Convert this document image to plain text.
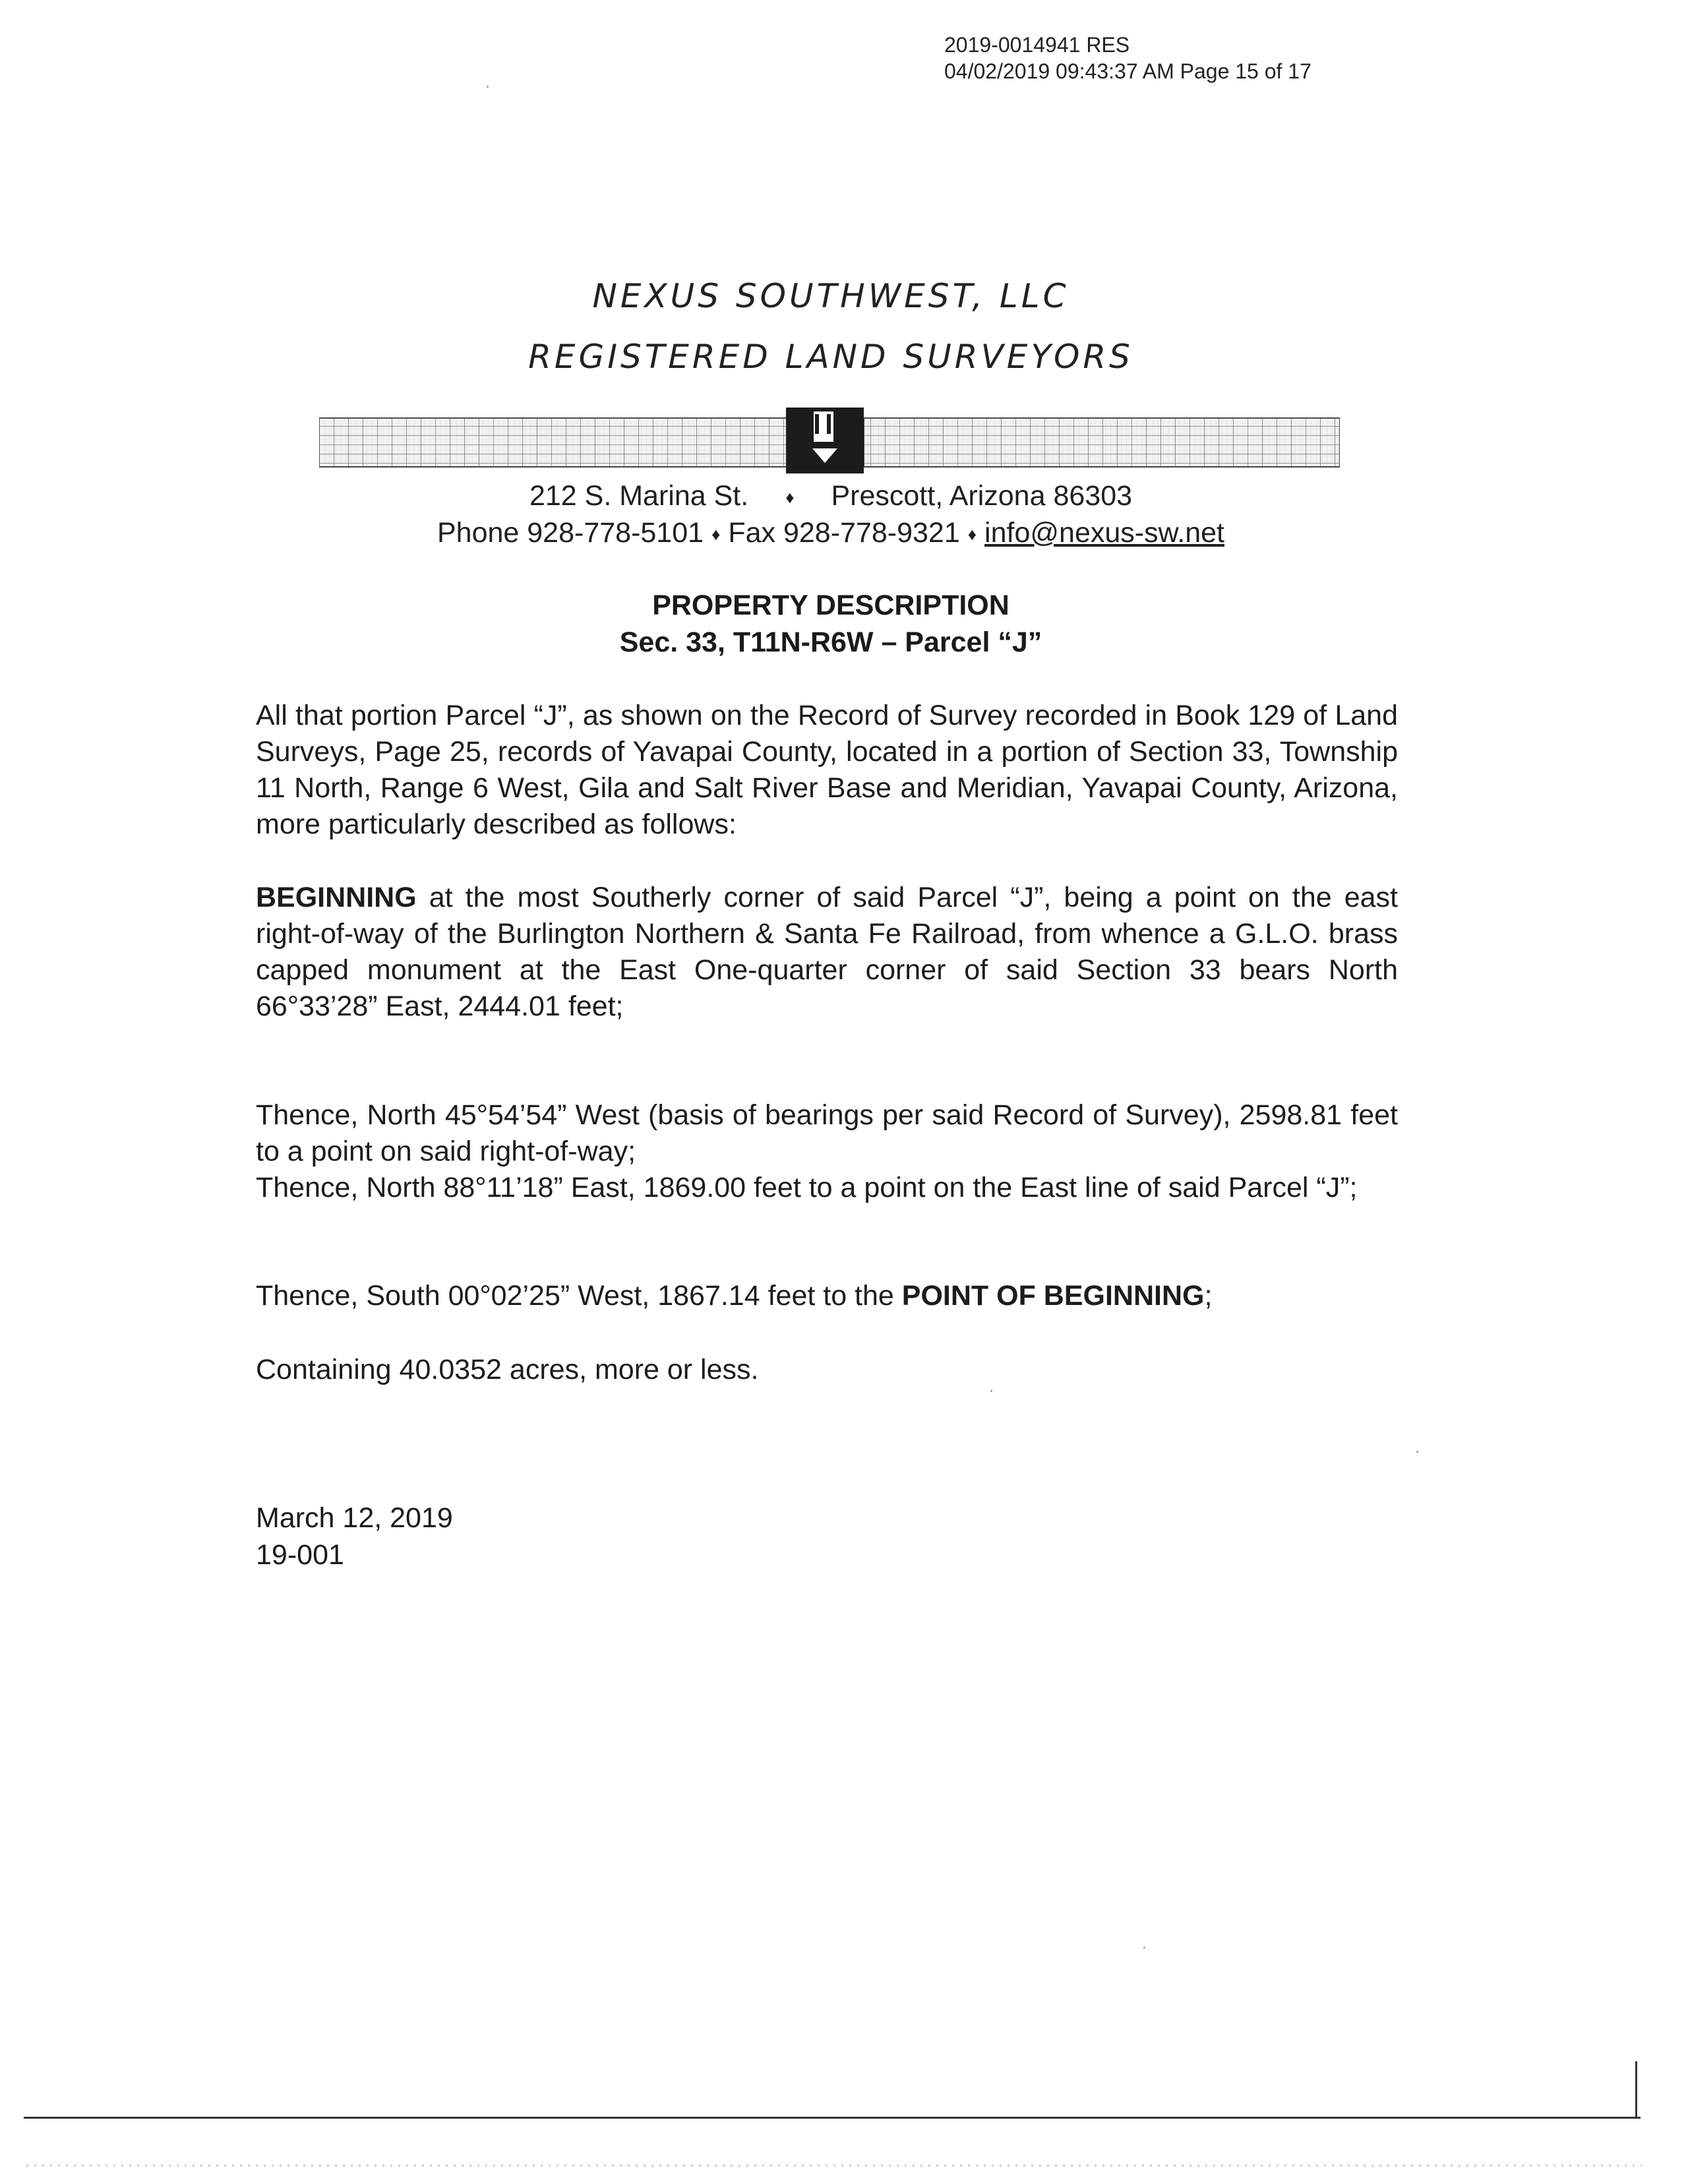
2019-0014941 RES
04/02/2019 09:43:37 AM Page 15 of 17
NEXUS SOUTHWEST, LLC
REGISTERED LAND SURVEYORS
212 S. Marina St. ♦ Prescott, Arizona 86303
Phone 928-778-5101 ♦ Fax 928-778-9321 ♦ info@nexus-sw.net
PROPERTY DESCRIPTION
Sec. 33, T11N-R6W – Parcel “J”
All that portion Parcel “J”, as shown on the Record of Survey recorded in Book 129 of Land Surveys, Page 25, records of Yavapai County, located in a portion of Section 33, Township 11 North, Range 6 West, Gila and Salt River Base and Meridian, Yavapai County, Arizona, more particularly described as follows:
BEGINNING at the most Southerly corner of said Parcel “J”, being a point on the east right-of-way of the Burlington Northern & Santa Fe Railroad, from whence a G.L.O. brass capped monument at the East One-quarter corner of said Section 33 bears North 66°33’28” East, 2444.01 feet;
Thence, North 45°54’54” West (basis of bearings per said Record of Survey), 2598.81 feet to a point on said right-of-way;
Thence, North 88°11’18” East, 1869.00 feet to a point on the East line of said Parcel “J”;
Thence, South 00°02’25” West, 1867.14 feet to the POINT OF BEGINNING;
Containing 40.0352 acres, more or less.
March 12, 2019
19-001
